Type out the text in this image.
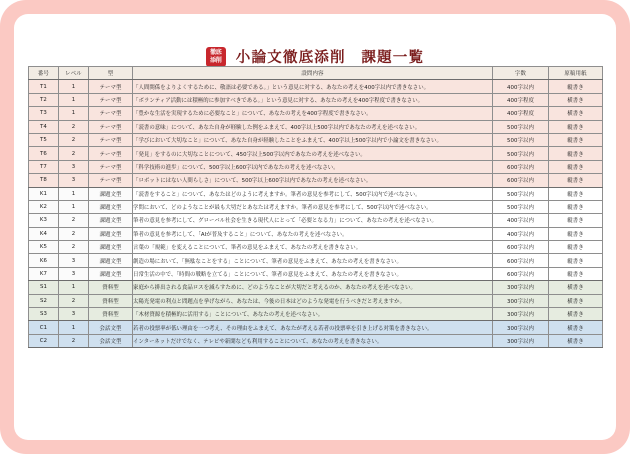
徹底
添削 小論文徹底添削　課題一覧
番号	レベル	型	設問内容	字数	原稿用紙
T1	1	テーマ型	「人間関係をよりよくするために、敬語は必要である。」という意見に対する、あなたの考えを400字以内で書きなさい。	400字以内	縦書き
T2	1	テーマ型	「ボランティア活動には積極的に参加すべきである。」という意見に対する、あなたの考えを400字程度で書きなさい。	400字程度	横書き
T3	1	テーマ型	「豊かな生活を実現するために必要なこと」について、あなたの考えを400字程度で書きなさい。	400字程度	横書き
T4	2	テーマ型	「読書の意味」について、あなた自身が経験した例をふまえて、400字以上500字以内であなたの考えを述べなさい。	500字以内	縦書き
T5	2	テーマ型	「学びにおいて大切なこと」について、あなた自身が経験したことをふまえて、400字以上500字以内で小論文を書きなさい。	500字以内	縦書き
T6	2	テーマ型	「発見」をするのに大切なことについて、450字以上500字以内であなたの考えを述べなさい。	500字以内	縦書き
T7	3	テーマ型	「科学技術の進歩」について、500字以上600字以内であなたの考えを述べなさい。	600字以内	縦書き
T8	3	テーマ型	「ロボットにはない人間らしさ」について、500字以上600字以内であなたの考えを述べなさい。	600字以内	縦書き
K1	1	課題文型	「読書をすること」について、あなたはどのように考えますか。筆者の意見を参考にして、500字以内で述べなさい。	500字以内	縦書き
K2	1	課題文型	学問において、どのようなことが最も大切だとあなたは考えますか。筆者の意見を参考にして、500字以内で述べなさい。	500字以内	縦書き
K3	2	課題文型	筆者の意見を参考にして、グローバル社会を生きる現代人にとって「必要となる力」について、あなたの考えを述べなさい。	400字以内	縦書き
K4	2	課題文型	筆者の意見を参考にして、「AIが普及すること」について、あなたの考えを述べなさい。	400字以内	縦書き
K5	2	課題文型	言葉の「規範」を変えることについて、筆者の意見をふまえて、あなたの考えを書きなさい。	600字以内	縦書き
K6	3	課題文型	創造の場において、「無駄なことをする」ことについて、筆者の意見をふまえて、あなたの考えを書きなさい。	600字以内	縦書き
K7	3	課題文型	日常生活の中で、「時間の戦略を立てる」ことについて、筆者の意見をふまえて、あなたの考えを書きなさい。	600字以内	縦書き
S1	1	資料型	家庭から排出される食品ロスを減らすために、どのようなことが大切だと考えるのか、あなたの考えを述べなさい。	300字以内	横書き
S2	2	資料型	太陽光発電の利点と問題点を挙げながら、あなたは、今後の日本はどのような発電を行うべきだと考えますか。	300字以内	横書き
S3	3	資料型	「木材資源を積極的に活用する」ことについて、あなたの考えを述べなさい。	300字以内	横書き
C1	1	会話文型	若者の投票率が低い理由を一つ考え、その理由をふまえて、あなたが考える若者の投票率を引き上げる対策を書きなさい。	300字以内	横書き
C2	2	会話文型	インターネットだけでなく、テレビや新聞なども利用することについて、あなたの考えを書きなさい。	300字以内	横書き
